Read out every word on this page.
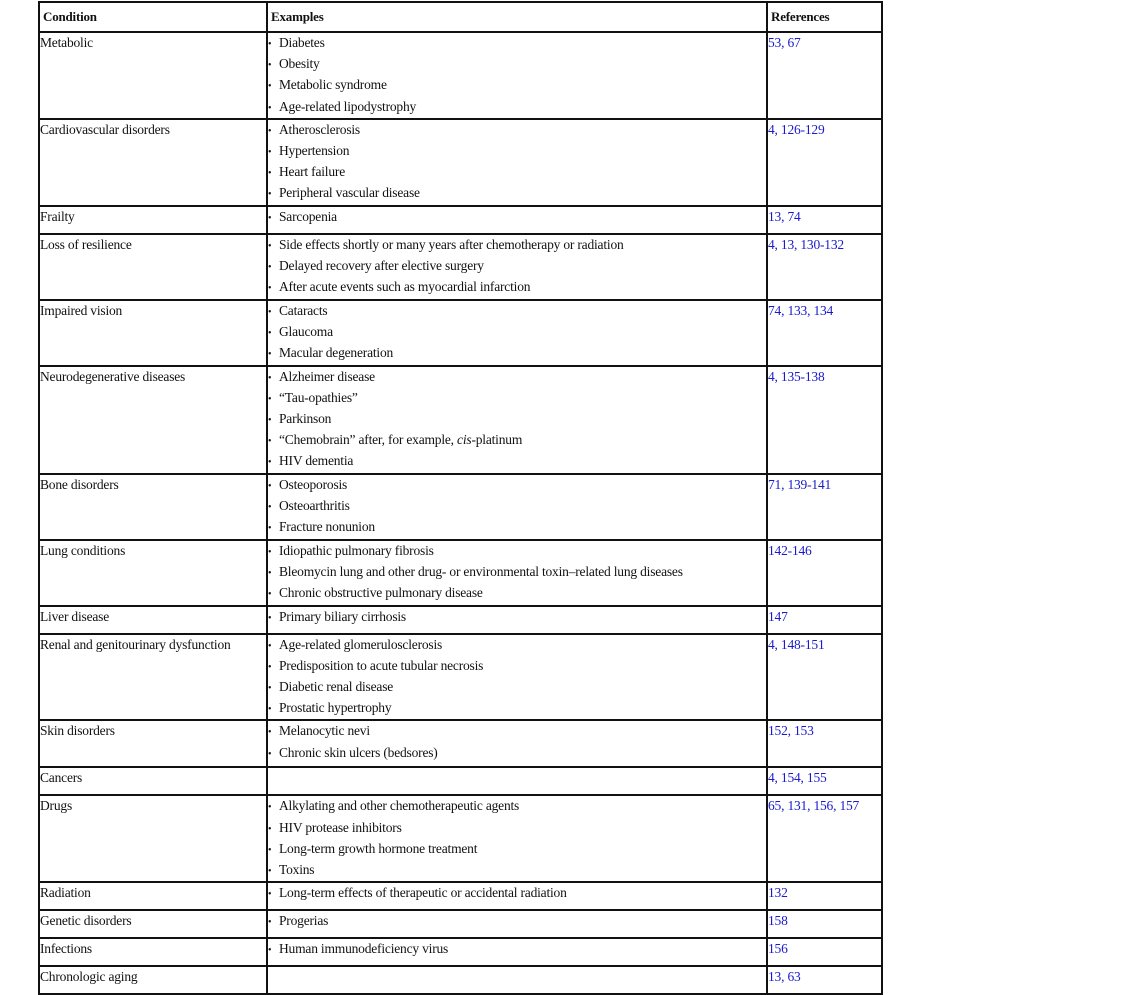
Condition	Examples	References
Metabolic	• Diabetes
• Obesity
• Metabolic syndrome
• Age-related lipodystrophy	53, 67
Cardiovascular disorders	• Atherosclerosis
• Hypertension
• Heart failure
• Peripheral vascular disease	4, 126-129
Frailty	• Sarcopenia	13, 74
Loss of resilience	• Side effects shortly or many years after chemotherapy or radiation
• Delayed recovery after elective surgery
• After acute events such as myocardial infarction	4, 13, 130-132
Impaired vision	• Cataracts
• Glaucoma
• Macular degeneration	74, 133, 134
Neurodegenerative diseases	• Alzheimer disease
• “Tau-opathies”
• Parkinson
• “Chemobrain” after, for example, cis-platinum
• HIV dementia	4, 135-138
Bone disorders	• Osteoporosis
• Osteoarthritis
• Fracture nonunion	71, 139-141
Lung conditions	• Idiopathic pulmonary fibrosis
• Bleomycin lung and other drug- or environmental toxin–related lung diseases
• Chronic obstructive pulmonary disease	142-146
Liver disease	• Primary biliary cirrhosis	147
Renal and genitourinary dysfunction	• Age-related glomerulosclerosis
• Predisposition to acute tubular necrosis
• Diabetic renal disease
• Prostatic hypertrophy	4, 148-151
Skin disorders	• Melanocytic nevi
• Chronic skin ulcers (bedsores)	152, 153
Cancers		4, 154, 155
Drugs	• Alkylating and other chemotherapeutic agents
• HIV protease inhibitors
• Long-term growth hormone treatment
• Toxins	65, 131, 156, 157
Radiation	• Long-term effects of therapeutic or accidental radiation	132
Genetic disorders	• Progerias	158
Infections	• Human immunodeficiency virus	156
Chronologic aging		13, 63
